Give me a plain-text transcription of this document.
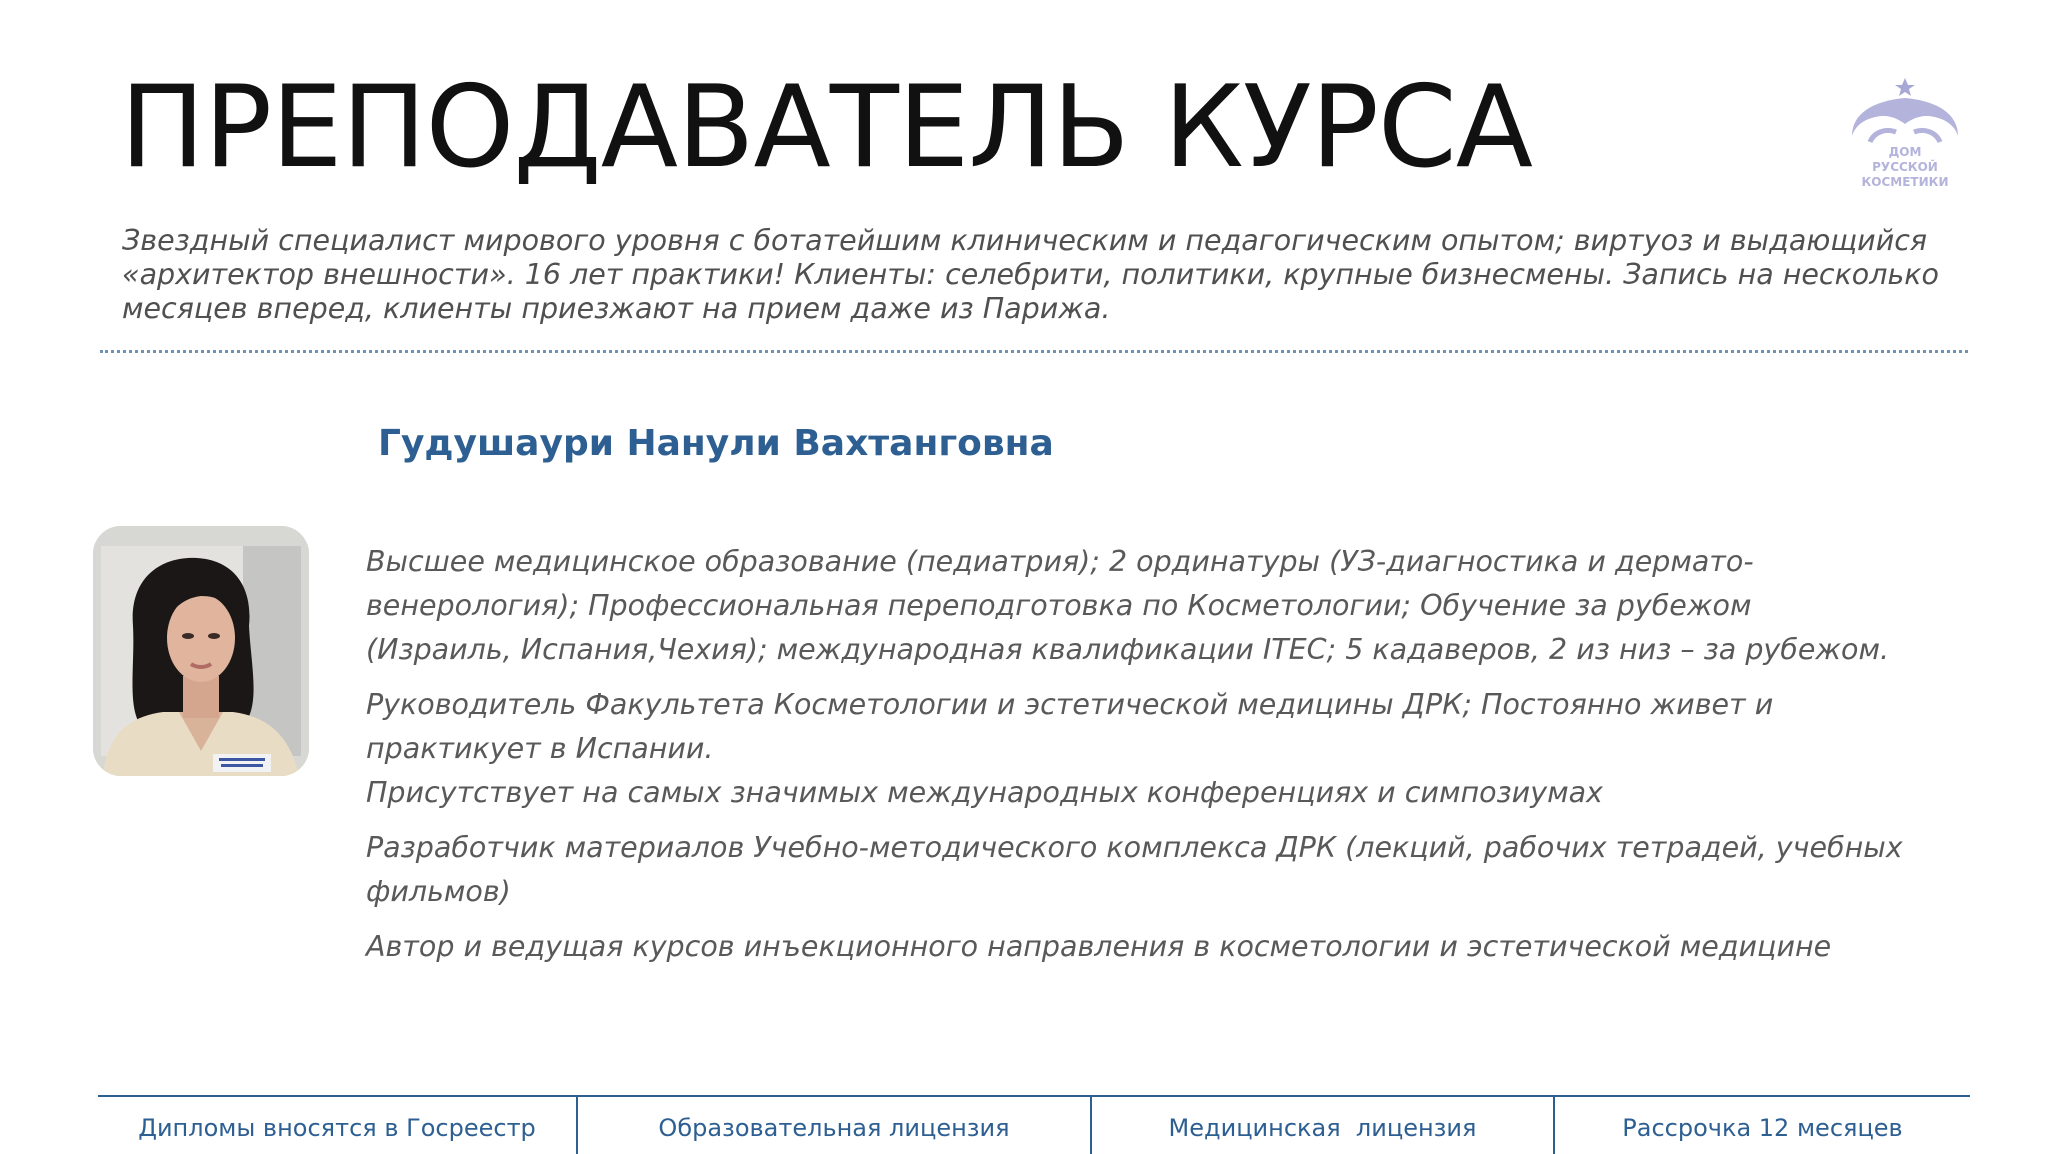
ПРЕПОДАВАТЕЛЬ КУРСА	ДОМ
РУССКОЙ
КОСМЕТИКИ

Звездный специалист мирового уровня с ботатейшим клиническим и педагогическим опытом; виртуоз и выдающийся «архитектор внешности». 16 лет практики! Клиенты: селебрити, политики, крупные бизнесмены. Запись на несколько месяцев вперед, клиенты приезжают на прием даже из Парижа.

Гудушаури Нанули Вахтанговна

Высшее медицинское образование (педиатрия); 2 ординатуры (УЗ-диагностика и дермато-венерология); Профессиональная переподготовка по Косметологии; Обучение за рубежом (Израиль, Испания,Чехия); международная квалификации ITEC; 5 кадаверов, 2 из низ – за рубежом.

Руководитель Факультета Косметологии и эстетической медицины ДРК; Постоянно живет и практикует в Испании.

Присутствует на самых значимых международных конференциях и симпозиумах

Разработчик материалов Учебно-методического комплекса ДРК (лекций, рабочих тетрадей, учебных фильмов)

Автор и ведущая курсов инъекционного направления в косметологии и эстетической медицине

Дипломы вносятся в Госреестр	Образовательная лицензия	Медицинская  лицензия	Рассрочка 12 месяцев
